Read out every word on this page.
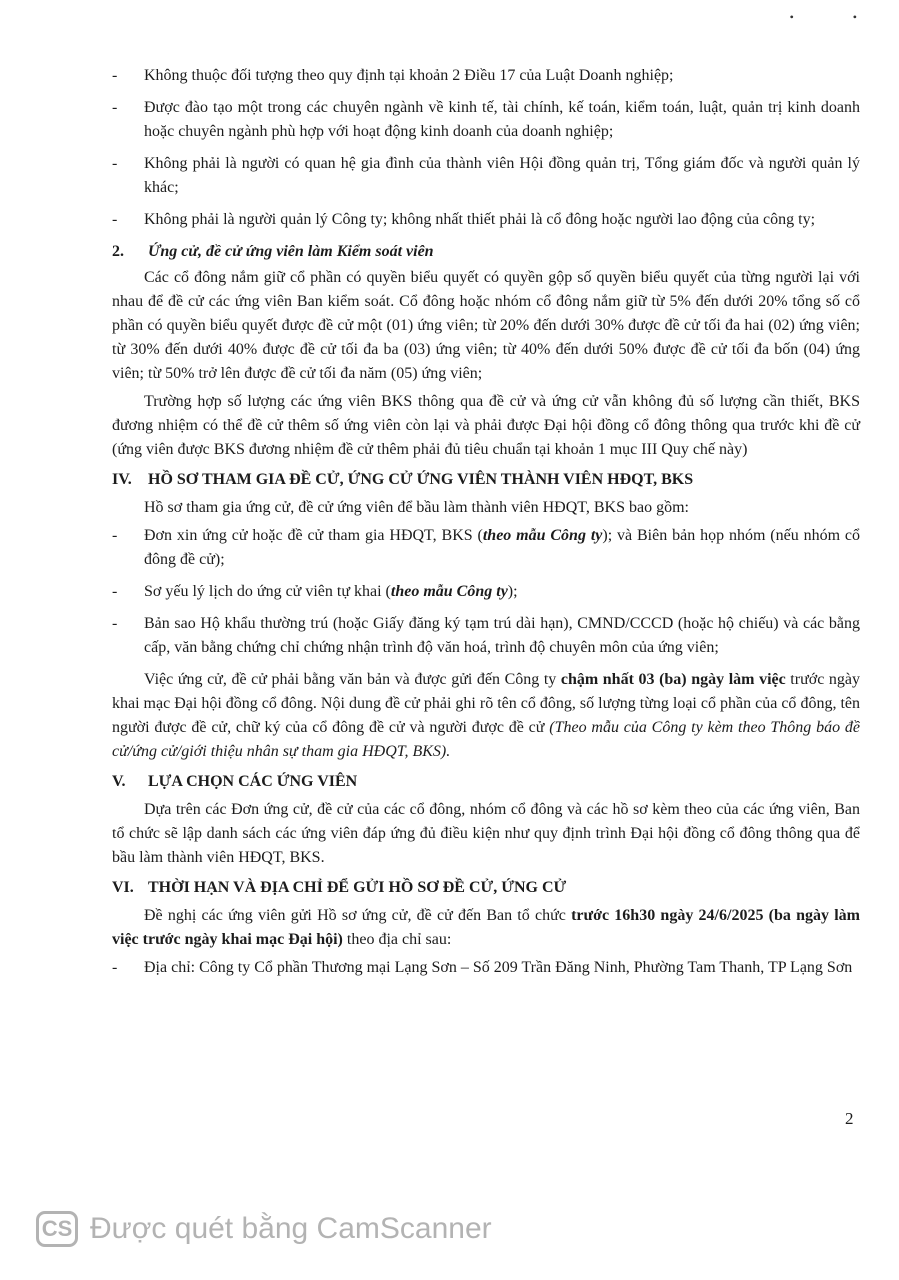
• •
- Không thuộc đối tượng theo quy định tại khoản 2 Điều 17 của Luật Doanh nghiệp;
- Được đào tạo một trong các chuyên ngành về kinh tế, tài chính, kế toán, kiểm toán, luật, quản trị kinh doanh hoặc chuyên ngành phù hợp với hoạt động kinh doanh của doanh nghiệp;
- Không phải là người có quan hệ gia đình của thành viên Hội đồng quản trị, Tổng giám đốc và người quản lý khác;
- Không phải là người quản lý Công ty; không nhất thiết phải là cổ đông hoặc người lao động của công ty;
2. Ứng cử, đề cử ứng viên làm Kiểm soát viên

Các cổ đông nắm giữ cổ phần có quyền biểu quyết có quyền gộp số quyền biểu quyết của từng người lại với nhau để đề cử các ứng viên Ban kiểm soát. Cổ đông hoặc nhóm cổ đông nắm giữ từ 5% đến dưới 20% tổng số cổ phần có quyền biểu quyết được đề cử một (01) ứng viên; từ 20% đến dưới 30% được đề cử tối đa hai (02) ứng viên; từ 30% đến dưới 40% được đề cử tối đa ba (03) ứng viên; từ 40% đến dưới 50% được đề cử tối đa bốn (04) ứng viên; từ 50% trở lên được đề cử tối đa năm (05) ứng viên;

Trường hợp số lượng các ứng viên BKS thông qua đề cử và ứng cử vẫn không đủ số lượng cần thiết, BKS đương nhiệm có thể đề cử thêm số ứng viên còn lại và phải được Đại hội đồng cổ đông thông qua trước khi đề cử (ứng viên được BKS đương nhiệm đề cử thêm phải đủ tiêu chuẩn tại khoản 1 mục III Quy chế này)

IV. HỒ SƠ THAM GIA ĐỀ CỬ, ỨNG CỬ ỨNG VIÊN THÀNH VIÊN HĐQT, BKS

Hồ sơ tham gia ứng cử, đề cử ứng viên để bầu làm thành viên HĐQT, BKS bao gồm:

- Đơn xin ứng cử hoặc đề cử tham gia HĐQT, BKS (theo mẫu Công ty); và Biên bản họp nhóm (nếu nhóm cổ đông đề cử);
- Sơ yếu lý lịch do ứng cử viên tự khai (theo mẫu Công ty);
- Bản sao Hộ khẩu thường trú (hoặc Giấy đăng ký tạm trú dài hạn), CMND/CCCD (hoặc hộ chiếu) và các bằng cấp, văn bằng chứng chỉ chứng nhận trình độ văn hoá, trình độ chuyên môn của ứng viên;

Việc ứng cử, đề cử phải bằng văn bản và được gửi đến Công ty chậm nhất 03 (ba) ngày làm việc trước ngày khai mạc Đại hội đồng cổ đông. Nội dung đề cử phải ghi rõ tên cổ đông, số lượng từng loại cổ phần của cổ đông, tên người được đề cử, chữ ký của cổ đông đề cử và người được đề cử (Theo mẫu của Công ty kèm theo Thông báo đề cử/ứng cử/giới thiệu nhân sự tham gia HĐQT, BKS).

V. LỰA CHỌN CÁC ỨNG VIÊN

Dựa trên các Đơn ứng cử, đề cử của các cổ đông, nhóm cổ đông và các hồ sơ kèm theo của các ứng viên, Ban tổ chức sẽ lập danh sách các ứng viên đáp ứng đủ điều kiện như quy định trình Đại hội đồng cổ đông thông qua để bầu làm thành viên HĐQT, BKS.

VI. THỜI HẠN VÀ ĐỊA CHỈ ĐỂ GỬI HỒ SƠ ĐỀ CỬ, ỨNG CỬ

Đề nghị các ứng viên gửi Hồ sơ ứng cử, đề cử đến Ban tổ chức trước 16h30 ngày 24/6/2025 (ba ngày làm việc trước ngày khai mạc Đại hội) theo địa chỉ sau:

- Địa chỉ: Công ty Cổ phần Thương mại Lạng Sơn – Số 209 Trần Đăng Ninh, Phường Tam Thanh, TP Lạng Sơn
2
CS Được quét bằng CamScanner
